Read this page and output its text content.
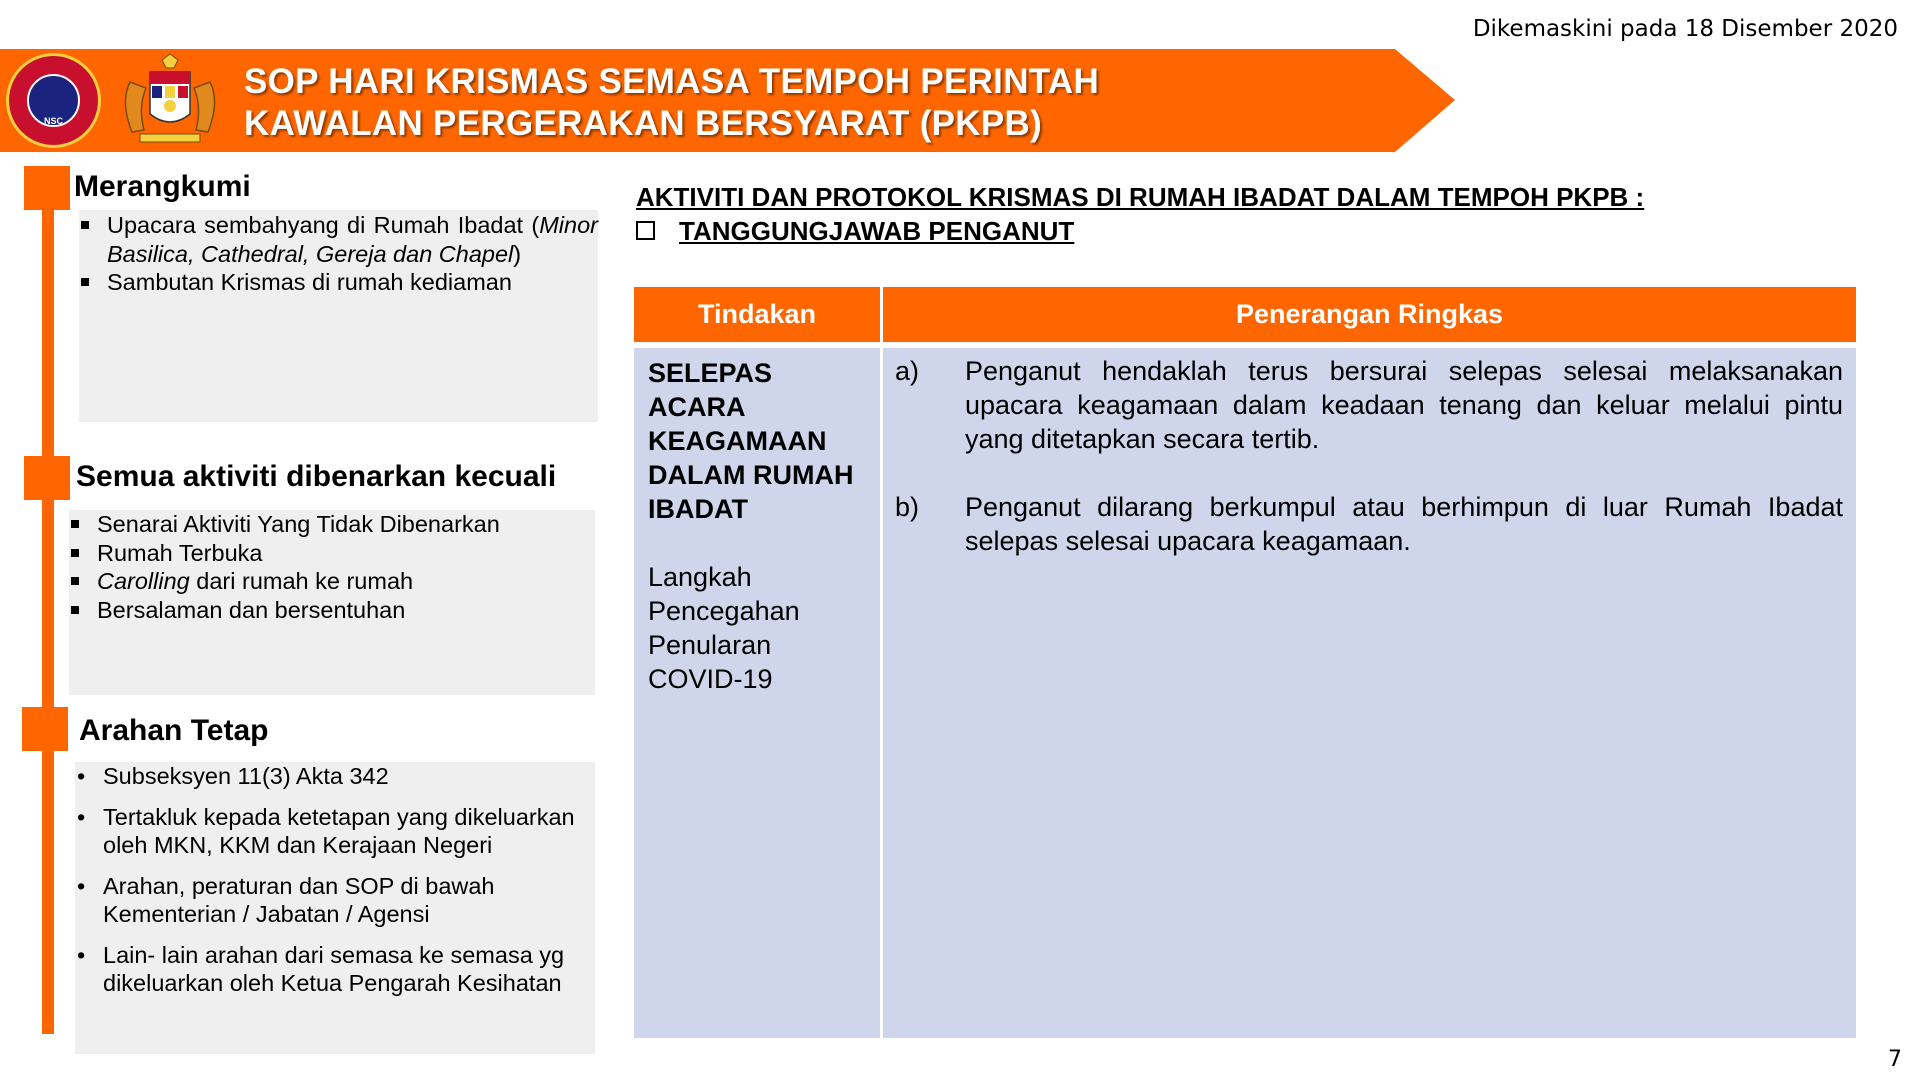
Dikemaskini pada 18 Disember 2020
NSC
SOP HARI KRISMAS SEMASA TEMPOH PERINTAH
KAWALAN PERGERAKAN BERSYARAT (PKPB)
Merangkumi
Upacara sembahyang di Rumah Ibadat (Minor Basilica, Cathedral, Gereja dan Chapel)
Sambutan Krismas di rumah kediaman
Semua aktiviti dibenarkan kecuali
Senarai Aktiviti Yang Tidak Dibenarkan
Rumah Terbuka
Carolling dari rumah ke rumah
Bersalaman dan bersentuhan
Arahan Tetap
• Subseksyen 11(3) Akta 342
• Tertakluk kepada ketetapan yang dikeluarkan oleh MKN, KKM dan Kerajaan Negeri
• Arahan, peraturan dan SOP di bawah Kementerian / Jabatan / Agensi
• Lain- lain arahan dari semasa ke semasa yg dikeluarkan oleh Ketua Pengarah Kesihatan
AKTIVITI DAN PROTOKOL KRISMAS DI RUMAH IBADAT DALAM TEMPOH PKPB :
TANGGUNGJAWAB PENGANUT
Tindakan	Penerangan Ringkas
SELEPAS ACARA KEAGAMAAN DALAM RUMAH IBADAT
Langkah Pencegahan Penularan COVID-19
a) Penganut hendaklah terus bersurai selepas selesai melaksanakan upacara keagamaan dalam keadaan tenang dan keluar melalui pintu yang ditetapkan secara tertib.
b) Penganut dilarang berkumpul atau berhimpun di luar Rumah Ibadat selepas selesai upacara keagamaan.
7
